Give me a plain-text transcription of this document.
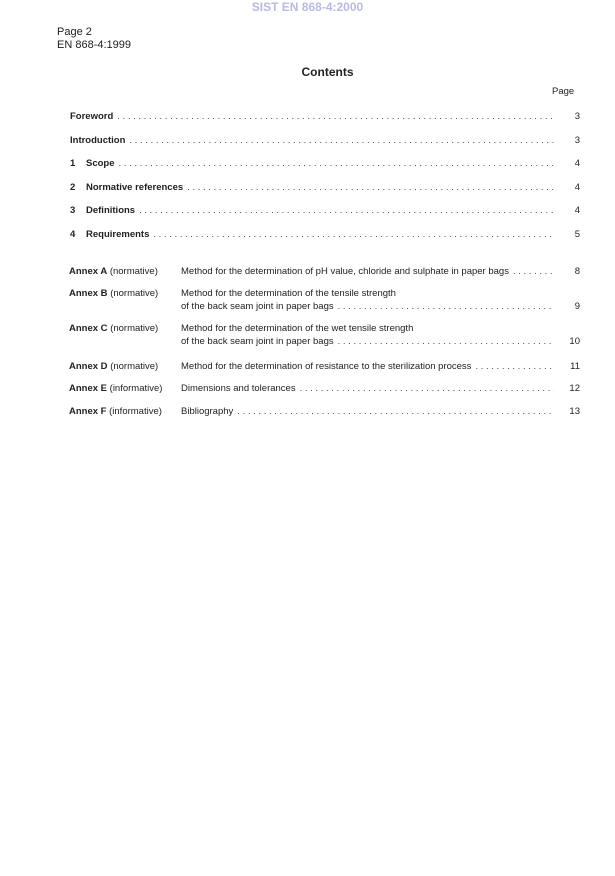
SIST EN 868-4:2000
Page 2
EN 868-4:1999
Contents
Page
Foreword . . .	3
Introduction . . .	3
1	Scope . . .	4
2	Normative references . . .	4
3	Definitions . . .	4
4	Requirements . . .	5
Annex A (normative)	Method for the determination of pH value, chloride and sulphate in paper bags . . .	8
Annex B (normative)	Method for the determination of the tensile strength
of the back seam joint in paper bags . . .	9
Annex C (normative)	Method for the determination of the wet tensile strength
of the back seam joint in paper bags . . .	10
Annex D (normative)	Method for the determination of resistance to the sterilization process . . .	11
Annex E (informative)	Dimensions and tolerances . . .	12
Annex F (informative)	Bibliography . . .	13
